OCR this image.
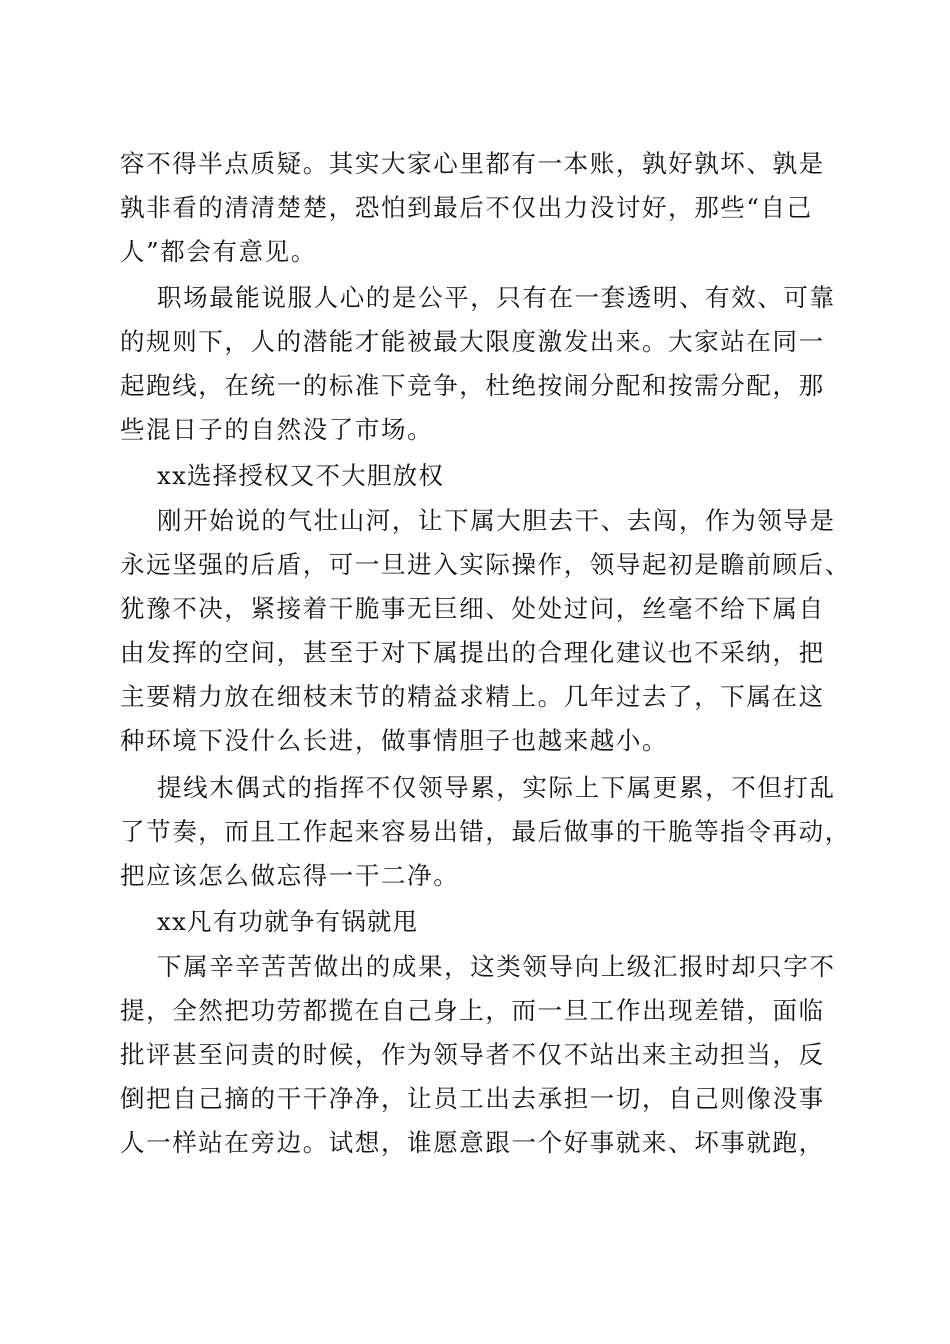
容不得半点质疑。其实大家心里都有一本账，孰好孰坏、孰是
孰非看的清清楚楚，恐怕到最后不仅出力没讨好，那些“自己
人”都会有意见。
职场最能说服人心的是公平，只有在一套透明、有效、可靠
的规则下，人的潜能才能被最大限度激发出来。大家站在同一
起跑线，在统一的标准下竞争，杜绝按闹分配和按需分配，那
些混日子的自然没了市场。
xx选择授权又不大胆放权
刚开始说的气壮山河，让下属大胆去干、去闯，作为领导是
永远坚强的后盾，可一旦进入实际操作，领导起初是瞻前顾后、
犹豫不决，紧接着干脆事无巨细、处处过问，丝毫不给下属自
由发挥的空间，甚至于对下属提出的合理化建议也不采纳，把
主要精力放在细枝末节的精益求精上。几年过去了，下属在这
种环境下没什么长进，做事情胆子也越来越小。
提线木偶式的指挥不仅领导累，实际上下属更累，不但打乱
了节奏，而且工作起来容易出错，最后做事的干脆等指令再动，
把应该怎么做忘得一干二净。
xx凡有功就争有锅就甩
下属辛辛苦苦做出的成果，这类领导向上级汇报时却只字不
提，全然把功劳都揽在自己身上，而一旦工作出现差错，面临
批评甚至问责的时候，作为领导者不仅不站出来主动担当，反
倒把自己摘的干干净净，让员工出去承担一切，自己则像没事
人一样站在旁边。试想，谁愿意跟一个好事就来、坏事就跑，
